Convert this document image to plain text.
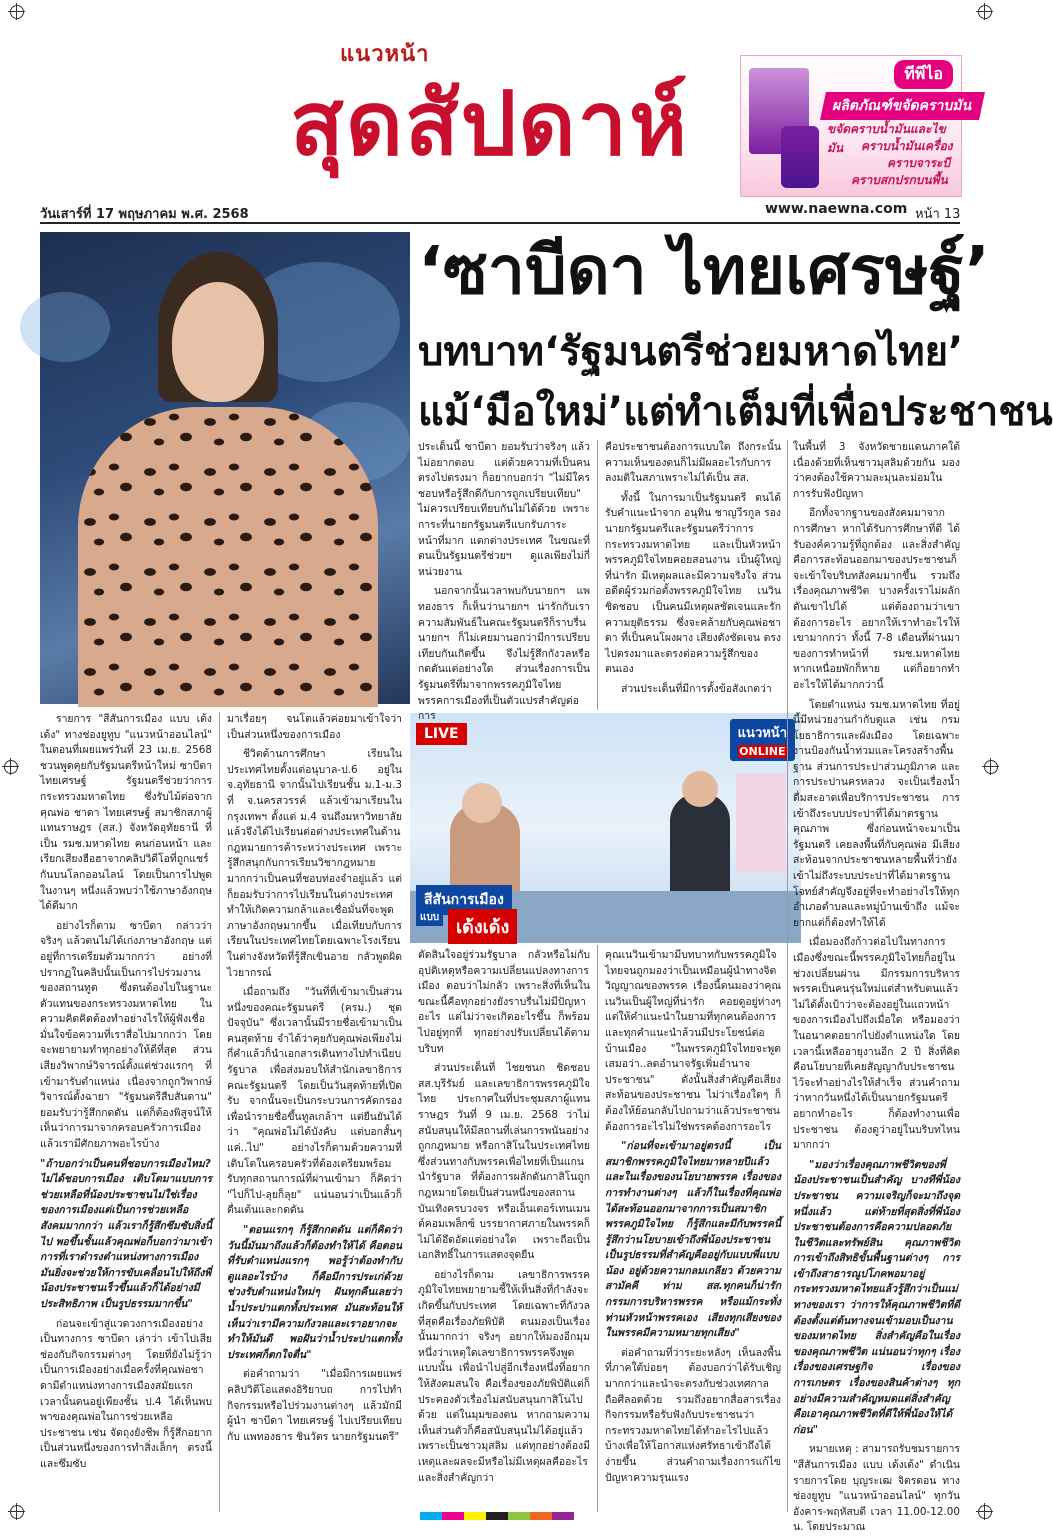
แนวหน้า
สุดสัปดาห์	ทีพีไอ
ผลิตภัณฑ์ขจัดคราบมัน
ขจัดคราบน้ำมันและไขมัน	คราบน้ำมันเครื่อง
คราบจาระบี
คราบสกปรกบนพื้น
วันเสาร์ที่ 17 พฤษภาคม พ.ศ. 2568	www.naewna.com หน้า 13
‘ซาบีดา ไทยเศรษฐ์’
บทบาท‘รัฐมนตรีช่วยมหาดไทย’
แม้‘มือใหม่’แต่ทำเต็มที่เพื่อประชาชน
LIVE	แนวหน้า
ONLINE
สีสันการเมือง
แบบ เด้งเด้ง

รายการ "สีสันการเมือง แบบ เด้งเด้ง" ทางช่องยูทูบ "แนวหน้าออนไลน์" ในตอนที่เผยแพร่วันที่ 23 เม.ย. 2568 ชวนพูดคุยกับรัฐมนตรีหน้าใหม่ ซาบีดา ไทยเศรษฐ์ รัฐมนตรีช่วยว่าการกระทรวงมหาดไทย ซึ่งรับไม้ต่อจากคุณพ่อ ชาดา ไทยเศรษฐ์ สมาชิกสภาผู้แทนราษฎร (สส.) จังหวัดอุทัยธานี ที่เป็น รมช.มหาดไทย คนก่อนหน้า และเรียกเสียงฮือฮาจากคลิปวิดีโอที่ถูกแชร์กันบนโลกออนไลน์ โดยเป็นการไปพูดในงานๆ หนึ่งแล้วพบว่าใช้ภาษาอังกฤษได้ดีมาก

อย่างไรก็ตาม ซาบีดา กล่าวว่า จริงๆ แล้วตนไม่ได้เก่งภาษาอังกฤษ แต่อยู่ที่การเตรียมตัวมากกว่า อย่างที่ปรากฏในคลิปนั้นเป็นการไปร่วมงานของสถานทูต ซึ่งตนต้องไปในฐานะตัวแทนของกระทรวงมหาดไทย ในความคิดคิดต้องทำอย่างไรให้ผู้ฟังเชื่อมั่นใจข้อความที่เราสื่อไปมากกว่า โดยจะพยายามทำทุกอย่างให้ดีที่สุด ส่วนเสียงวิพากษ์วิจารณ์ตั้งแต่ช่วงแรกๆ ที่เข้ามารับตำแหน่ง เนื่องจากถูกวิพากษ์วิจารณ์ตั้งฉายา "รัฐมนตรีสืบสันดาน" ยอมรับว่ารู้สึกกดดัน แต่ก็ต้องพิสูจน์ให้เห็นว่าการมาจากครอบครัวการเมืองแล้วเรามีศักยภาพอะไรบ้าง

"ถ้าบอกว่าเป็นคนที่ชอบการเมืองไหม? ไม่ได้ชอบการเมือง เติบโตมาแบบการช่วยเหลือที่น้องประชาชนไม่ใช่เรื่องของการเมืองแต่เป็นการช่วยเหลือสังคมมากกว่า แล้วเราก็รู้สึกซึมซับสิ่งนี้ไป พอขึ้นชั้นแล้วคุณพ่อก็บอกว่ามาเข้าการที่เราดำรงตำแหน่งทางการเมืองมันยิ่งจะช่วยให้การขับเคลื่อนไปให้ถึงพี่น้องประชาชนเร็วขึ้นแล้วก็ได้อย่างมีประสิทธิภาพ เป็นรูปธรรมมากขึ้น"

ก่อนจะเข้าสู่แวดวงการเมืองอย่างเป็นทางการ ซาบีดา เล่าว่า เข้าไปเสียช่องกับกิจกรรมต่างๆ โดยที่ยังไม่รู้ว่าเป็นการเมืองอย่างเมื่อครั้งที่คุณพ่อชาดามีตำแหน่งทางการเมืองสมัยแรก เวลานั้นตนอยู่เพียงชั้น ป.4 ได้เห็นพบพาของคุณพ่อในการช่วยเหลือประชาชน เช่น จัดถุงยังชีพ ก็รู้สึกอยากเป็นส่วนหนึ่งของการทำสิ่งเล็กๆ ตรงนี้ และซึมซับ

มาเรื่อยๆ จนโตแล้วค่อยมาเข้าใจว่าเป็นส่วนหนึ่งของการเมือง

ชีวิตด้านการศึกษา เรียนในประเทศไทยตั้งแต่อนุบาล-ป.6 อยู่ใน จ.อุทัยธานี จากนั้นไปเรียนชั้น ม.1-ม.3 ที่ จ.นครสวรรค์ แล้วเข้ามาเรียนในกรุงเทพฯ ตั้งแต่ ม.4 จนถึงมหาวิทยาลัย แล้วจึงได้ไปเรียนต่อต่างประเทศในด้านกฎหมายการค้าระหว่างประเทศ เพราะรู้สึกสนุกกับการเรียนวิชากฎหมายมากกว่าเป็นคนที่ชอบท่องจำอยู่แล้ว แต่ก็ยอมรับว่าการไปเรียนในต่างประเทศทำให้เกิดความกล้าและเชื่อมั่นที่จะพูดภาษาอังกฤษมากขึ้น เมื่อเทียบกับการเรียนในประเทศไทยโดยเฉพาะโรงเรียนในต่างจังหวัดที่รู้สึกเขินอาย กลัวพูดผิดไวยากรณ์

เมื่อถามถึง "วันที่ที่เข้ามาเป็นส่วนหนึ่งของคณะรัฐมนตรี (ครม.) ชุดปัจจุบัน" ซึ่งเวลานั้นมีรายชื่อเข้ามาเป็นคนสุดท้าย จำได้ว่าคุยกับคุณพ่อเพียงไม่กี่คำแล้วก็นำเอกสารเดินทางไปทำเนียบรัฐบาล เพื่อส่งมอบให้สำนักเลขาธิการคณะรัฐมนตรี โดยเป็นวันสุดท้ายที่เปิดรับ จากนั้นจะเป็นกระบวนการคัดกรองเพื่อนำรายชื่อขึ้นทูลเกล้าฯ แต่ยืนยันได้ว่า "คุณพ่อไม่ได้บังคับ แต่บอกสั้นๆ แค่..ไป" อย่างไรก็ตามด้วยความที่เติบโตในครอบครัวที่ต้องเตรียมพร้อมรับทุกสถานการณ์ที่ผ่านเข้ามา ก็คิดว่า "ไปก็ไป-ลุยก็ลุย" แน่นอนว่าเป็นแล้วก็ตื่นเต้นและกดดัน

"ตอนแรกๆ ก็รู้สึกกดดัน แต่ก็คิดว่าวันนี้มันมาถึงแล้วก็ต้องทำให้ได้ คือตอนที่รับตำแหน่งแรกๆ พอรู้ว่าต้องทำกับดูแลอะไรบ้าง ก็คือมีการประเก่ด้วย ช่วงรับตำแหน่งใหม่ๆ ฝันทุกคืนเลยว่าน้ำประปาแตกทั้งประเทศ มันสะท้อนให้เห็นว่าเรามีความกังวลและเราอยากจะทำให้มันดี พอฝันว่าน้ำประปาแตกทั้งประเทศก็ตกใจตื่น"

ต่อคำถามว่า "เมื่อมีการเผยแพร่คลิปวิดีโอแสดงอิริยาบถ การไปทำกิจกรรมหรือไปร่วมงานต่างๆ แล้วมักมีผู้นำ ซาบีดา ไทยเศรษฐ์ ไปเปรียบเทียบกับ แพทองธาร ชินวัตร นายกรัฐมนตรี"

ประเด็นนี้ ซาบีดา ยอมรับว่าจริงๆ แล้วไม่อยากตอบ แต่ด้วยความที่เป็นคนตรงไปตรงมา ก็อยากบอกว่า "ไม่มีใครชอบหรือรู้สึกดีกับการถูกเปรียบเทียบ" ไม่ควรเปรียบเทียบกันไม่ได้ด้วย เพราะการะที่นายกรัฐมนตรีแบกรับภาระหน้าที่มาก แตกต่างประเทศ ในขณะที่ตนเป็นรัฐมนตรีช่วยฯ ดูแลเพียงไม่กี่หน่วยงาน

นอกจากนั้นเวลาพบกับนายกฯ แพทองธาร ก็เห็นว่านายกฯ น่ารักกับเราความสัมพันธ์ในคณะรัฐมนตรีก็ราบรื่น นายกฯ ก็ไม่เคยมานอกว่ามีการเปรียบเทียบกันเกิดขึ้น จึงไม่รู้สึกกังวลหรือกดดันแต่อย่างใด ส่วนเรื่องการเป็นรัฐมนตรีที่มาจากพรรคภูมิใจไทยพรรคการเมืองที่เป็นตัวแปรสำคัญต่อการ

ตัดสินใจอยู่ร่วมรัฐบาล กลัวหรือไม่กับอุปติเหตุหรือความเปลี่ยนแปลงทางการเมือง ตอบว่าไม่กลัว เพราะสิ่งที่เห็นในขณะนี้คือทุกอย่างยังราบรื่นไม่มีปัญหาอะไร แต่ไม่ว่าจะเกิดอะไรขึ้น ก็พร้อมไปอยู่ทุกที่ ทุกอย่างปรับเปลี่ยนได้ตามบริบท

ส่วนประเด็นที่ ไชยชนก ชิดชอบ สส.บุรีรัมย์ และเลขาธิการพรรคภูมิใจไทย ประกาศในที่ประชุมสภาผู้แทนราษฎร วันที่ 9 เม.ย. 2568 ว่าไม่สนับสนุนให้มีสถานที่เล่นการพนันอย่างถูกกฎหมาย หรือกาสิโนในประเทศไทย ซึ่งส่วนทางกับพรรคเพื่อไทยที่เป็นแกนนำรัฐบาล ที่ต้องการผลักดันกาสิโนถูกกฎหมายโดยเป็นส่วนหนึ่งของสถานบันเทิงครบวงจร หรือเอ็นเตอร์เทนเมนต์คอมเพล็กซ์ บรรยากาศภายในพรรคก็ไม่ได้อึดอัดแต่อย่างใด เพราะถือเป็นเอกสิทธิ์ในการแสดงจุดยืน

อย่างไรก็ตาม เลขาธิการพรรคภูมิใจไทยพยายามชี้ให้เห็นสิ่งที่กำลังจะเกิดขึ้นกับประเทศ โดยเฉพาะที่กังวลที่สุดคือเรื่องภัยพิบัติ ตนมองเป็นเรื่องนั้นมากกว่า จริงๆ อยากให้มองอีกมุมหนึ่งว่าเหตุใดเลขาธิการพรรคจึงพูดแบบนั้น เพื่อนำไปสู่อีกเรื่องหนึ่งที่อยากให้สังคมสนใจ คือเรื่องของภัยพิบัติแต่ก็ประคองตัวเรื่องไม่สนับสนุนกาสิโนไปด้วย แต่ในมุมของตน หากถามความเห็นส่วนตัวก็คือสนับสนุนไม่ได้อยู่แล้วเพราะเป็นชาวมุสลิม แต่ทุกอย่างต้องมีเหตุและผลจะมีหรือไม่มีเหตุผลคืออะไร และสิ่งสำคัญกว่า

คือประชาชนต้องการแบบใด ถึงกระนั้นความเห็นของตนก็ไม่มีผลอะไรกับการลงมติในสภาเพราะไม่ได้เป็น สส.

ทั้งนี้ ในการมาเป็นรัฐมนตรี ตนได้รับคำแนะนำจาก อนุทิน ชาญวีรกูล รองนายกรัฐมนตรีและรัฐมนตรีว่าการกระทรวงมหาดไทย และเป็นหัวหน้าพรรคภูมิใจไทยคอยสอนงาน เป็นผู้ใหญ่ที่น่ารัก มีเหตุผลและมีความจริงใจ ส่วนอดีตผู้ร่วมก่อตั้งพรรคภูมิใจไทย เนวิน ชิดชอบ เป็นคนมีเหตุผลชัดเจนและรักความยุติธรรม ซึ่งจะคล้ายกับคุณพ่อชาดา ที่เป็นคนโผงผาง เสียงดังชัดเจน ตรงไปตรงมาและตรงต่อความรู้สึกของตนเอง

ส่วนประเด็นที่มีการตั้งข้อสังเกตว่า

คุณเนวินเข้ามามีบทบาทกับพรรคภูมิใจไทยจนถูกมองว่าเป็นเหมือนผู้นำทางจิตวิญญาณของพรรค เรื่องนี้ตนมองว่าคุณเนวินเป็นผู้ใหญ่ที่น่ารัก คอยดูอยู่ห่างๆ แต่ให้คำแนะนำในยามที่ทุกคนต้องการ และทุกคำแนะนำล้วนมีประโยชน์ต่อบ้านเมือง "ในพรรคภูมิใจไทยจะพูดเสมอว่า..ลดอำนาจรัฐเพิ่มอำนาจประชาชน" ดังนั้นสิ่งสำคัญคือเสียงสะท้อนของประชาชน ไม่ว่าเรื่องใดๆ ก็ต้องให้ย้อนกลับไปถามว่าแล้วประชาชนต้องการอะไรไม่ใช่พรรคต้องการอะไร

"ก่อนที่จะเข้ามาอยู่ตรงนี้ เป็นสมาชิกพรรคภูมิใจไทยมาหลายปีแล้วและในเรื่องของนโยบายพรรค เรื่องของการทำงานต่างๆ แล้วก็ในเรื่องที่คุณพ่อได้สะท้อนออกมาจากการเป็นสมาชิกพรรคภูมิใจไทย ก็รู้สึกและมีกับพรรคนี้ รู้สึกว่านโยบายเข้าถึงพี่น้องประชาชนเป็นรูปธรรมที่สำคัญคืออยู่กับแบบพี่แบบน้อง อยู่ด้วยความกลมเกลียว ด้วยความสามัคคี ท่าม สส.ทุกคนก็น่ารัก กรรมการบริหารพรรค หรือแม้กระทั่งท่านหัวหน้าพรรคเอง เสียงทุกเสียงของในพรรคมีความหมายทุกเสียง"

ต่อคำถามที่ว่าระยะหลังๆ เห็นลงพื้นที่ภาคใต้บ่อยๆ ต้องบอกว่าได้รับเชิญมากกว่าและนำจะตรงกับช่วงเทศกาลถือศีลอดด้วย รวมถึงอยากสื่อสารเรื่องกิจกรรมหรือรับฟังกับประชาชนว่ากระทรวงมหาดไทยได้ทำอะไรไปแล้วบ้างเพื่อให้โอกาสแห่งศรัทธาเข้าถึงได้ง่ายขึ้น ส่วนคำถามเรื่องการแก้ไขปัญหาความรุนแรง

ในพื้นที่ 3 จังหวัดชายแดนภาคใต้ เนื่องด้วยที่เห็นชาวมุสลิมด้วยกัน มองว่าคงต้องใช้ความละมุนละม่อมในการรับฟังปัญหา

อีกทั้งจากฐานของสังคมมาจากการศึกษา หากได้รับการศึกษาที่ดี ได้รับองค์ความรู้ที่ถูกต้อง และสิ่งสำคัญคือการสะท้อนออกมาของประชาชนก็จะเข้าใจบริบทสังคมมากขึ้น รวมถึงเรื่องคุณภาพชีวิต บางครั้งเราไม่ผลักดันเขาไปได้ แต่ต้องถามว่าเขาต้องการอะไร อยากให้เราทำอะไรให้เขามากกว่า ทั้งนี้ 7-8 เดือนที่ผ่านมาของการทำหน้าที่ รมช.มหาดไทย หากเหนื่อยพักก็หาย แต่ก็อยากทำอะไรให้ได้มากกว่านี้

โดยตำแหน่ง รมช.มหาดไทย ที่อยู่นี้มีหน่วยงานกำกับดูแล เช่น กรมโยธาธิการและผังเมือง โดยเฉพาะงานป้องกันน้ำท่วมและโครงสร้างพื้นฐาน ส่วนการประปาส่วนภูมิภาค และการประปานครหลวง จะเป็นเรื่องน้ำดื่มสะอาดเพื่อบริการประชาชน การเข้าถึงระบบประปาที่ได้มาตรฐานคุณภาพ ซึ่งก่อนหน้าจะมาเป็นรัฐมนตรี เคยลงพื้นที่กับคุณพ่อ มีเสียงสะท้อนจากประชาชนหลายพื้นที่ว่ายังเข้าไม่ถึงระบบประปาที่ได้มาตรฐาน โจทย์สำคัญจึงอยู่ที่จะทำอย่างไรให้ทุกอำเภอตำบลและหมู่บ้านเข้าถึง แม้จะยากแต่ก็ต้องทำให้ได้

เมื่อมองถึงก้าวต่อไปในทางการเมืองซึ่งขณะนี้พรรคภูมิใจไทยก็อยู่ในช่วงเปลี่ยนผ่าน มีกรรมการบริหารพรรคเป็นคนรุ่นใหม่แต่สำหรับตนแล้วไม่ได้ตั้งเป้าว่าจะต้องอยู่ในแถวหน้าของการเมืองไปถึงเมื่อใด หรือมองว่าในอนาคตอยากไปยังตำแหน่งใด โดยเวลานี้เหลืออายุงานอีก 2 ปี สิ่งที่คิดคือนโยบายที่เคยสัญญากับประชาชนไว้จะทำอย่างไรให้สำเร็จ ส่วนคำถามว่าหากวันหนึ่งได้เป็นนายกรัฐมนตรีอยากทำอะไร ก็ต้องทำงานเพื่อประชาชน ต้องดูว่าอยู่ในบริบทไหนมากกว่า

"มองว่าเรื่องคุณภาพชีวิตของพี่น้องประชาชนเป็นสำคัญ บางทีพี่น้องประชาชน ความเจริญก็จะมาถึงจุดหนึ่งแล้ว แต่ท้ายที่สุดสิ่งที่พี่น้องประชาชนต้องการคือความปลอดภัยในชีวิตและทรัพย์สิน คุณภาพชีวิต การเข้าถึงสิทธิขั้นพื้นฐานต่างๆ การเข้าถึงสาธารณูปโภคพอมาอยู่กระทรวงมหาดไทยแล้วรู้สึกว่าเป็นแม่ทางของเรา ว่าการให้คุณภาพชีวิตที่ดีต้องตั้งแต่ต้นทางจนเข้ามอบเป็นงานของมหาดไทย สิ่งสำคัญคือในเรื่องของคุณภาพชีวิต แน่นอนว่าทุกๆ เรื่อง เรื่องของเศรษฐกิจ เรื่องของการเกษตร เรื่องของสินค้าต่างๆ ทุกอย่างมีความสำคัญหมดแต่สิ่งสำคัญคือเอาคุณภาพชีวิตที่ดีให้พี่น้องให้ได้ก่อน"

หมายเหตุ : สามารถรับชมรายการ "สีสันการเมือง แบบ เด้งเด้ง" ดำเนินรายการโดย บุญระเฒ จิตรดอน ทางช่องยูทูบ "แนวหน้าออนไลน์" ทุกวันอังคาร-พฤหัสบดี เวลา 11.00-12.00 น. โดยประมาณ
